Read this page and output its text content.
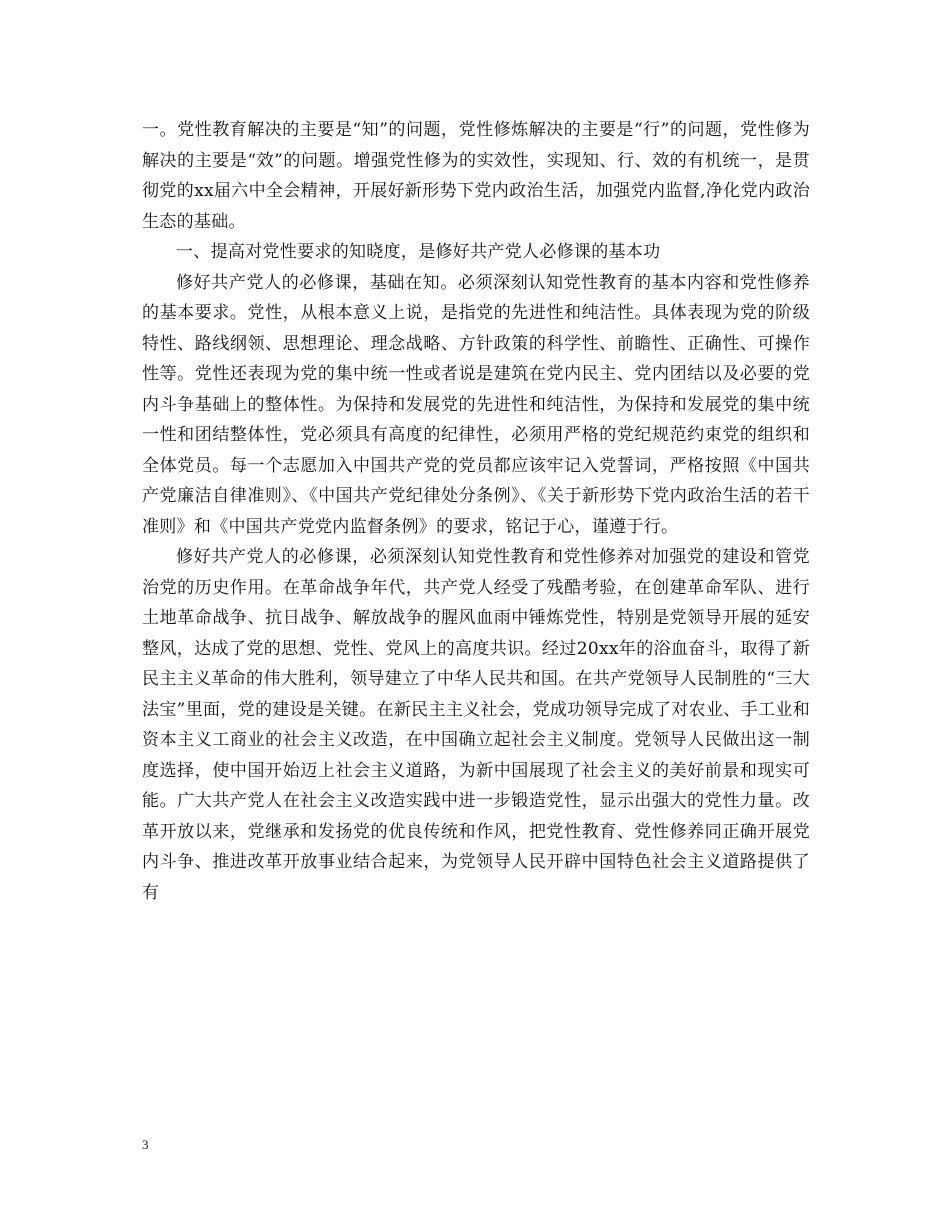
一。党性教育解决的主要是“知”的问题，党性修炼解决的主要是“行”的问题，党性修为解决的主要是“效”的问题。增强党性修为的实效性，实现知、行、效的有机统一，是贯彻党的xx届六中全会精神，开展好新形势下党内政治生活，加强党内监督,净化党内政治生态的基础。

一、提高对党性要求的知晓度，是修好共产党人必修课的基本功

修好共产党人的必修课，基础在知。必须深刻认知党性教育的基本内容和党性修养的基本要求。党性，从根本意义上说，是指党的先进性和纯洁性。具体表现为党的阶级特性、路线纲领、思想理论、理念战略、方针政策的科学性、前瞻性、正确性、可操作性等。党性还表现为党的集中统一性或者说是建筑在党内民主、党内团结以及必要的党内斗争基础上的整体性。为保持和发展党的先进性和纯洁性，为保持和发展党的集中统一性和团结整体性，党必须具有高度的纪律性，必须用严格的党纪规范约束党的组织和全体党员。每一个志愿加入中国共产党的党员都应该牢记入党誓词，严格按照《中国共产党廉洁自律准则》、《中国共产党纪律处分条例》、《关于新形势下党内政治生活的若干准则》和《中国共产党党内监督条例》的要求，铭记于心，谨遵于行。

修好共产党人的必修课，必须深刻认知党性教育和党性修养对加强党的建设和管党治党的历史作用。在革命战争年代，共产党人经受了残酷考验，在创建革命军队、进行土地革命战争、抗日战争、解放战争的腥风血雨中锤炼党性，特别是党领导开展的延安整风，达成了党的思想、党性、党风上的高度共识。经过20xx年的浴血奋斗，取得了新民主主义革命的伟大胜利，领导建立了中华人民共和国。在共产党领导人民制胜的“三大法宝”里面，党的建设是关键。在新民主主义社会，党成功领导完成了对农业、手工业和资本主义工商业的社会主义改造，在中国确立起社会主义制度。党领导人民做出这一制度选择，使中国开始迈上社会主义道路，为新中国展现了社会主义的美好前景和现实可能。广大共产党人在社会主义改造实践中进一步锻造党性，显示出强大的党性力量。改革开放以来，党继承和发扬党的优良传统和作风，把党性教育、党性修养同正确开展党内斗争、推进改革开放事业结合起来，为党领导人民开辟中国特色社会主义道路提供了有

3
